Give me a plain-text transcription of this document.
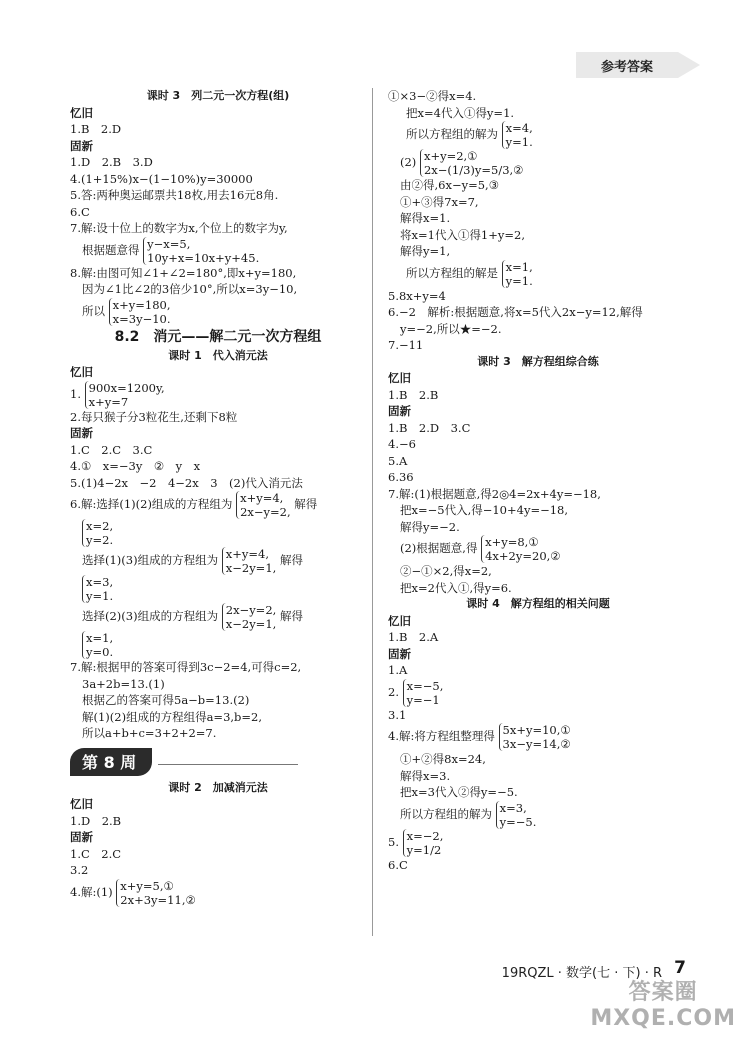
参考答案
课时 3　列二元一次方程(组)
忆旧
1.B　2.D
固新
1.D　2.B　3.D
4.(1+15%)x−(1−10%)y=30000
5.答:两种奥运邮票共18枚,用去16元8角.
6.C
7.解:设十位上的数字为x,个位上的数字为y,
根据题意得 y−x=5,
10y+x=10x+y+45.
8.解:由图可知∠1+∠2=180°,即x+y=180,
因为∠1比∠2的3倍少10°,所以x=3y−10,
所以 x+y=180,
x=3y−10.
8.2　消元——解二元一次方程组
课时 1　代入消元法
忆旧
1. 900x=1200y,
x+y=7
2.每只猴子分3粒花生,还剩下8粒
固新
1.C　2.C　3.C
4.①　x=−3y　②　y　x
5.(1)4−2x　−2　4−2x　3　(2)代入消元法
6.解:选择(1)(2)组成的方程组为 x+y=4,
2x−y=2,
解得
x=2,
y=2.
选择(1)(3)组成的方程组为 x+y=4,
x−2y=1,
解得
x=3,
y=1.
选择(2)(3)组成的方程组为 2x−y=2,
x−2y=1,
解得
x=1,
y=0.
7.解:根据甲的答案可得到3c−2=4,可得c=2,
3a+2b=13.(1)
根据乙的答案可得5a−b=13.(2)
解(1)(2)组成的方程组得a=3,b=2,
所以a+b+c=3+2+2=7.
第 8 周
课时 2　加减消元法
忆旧
1.D　2.B
固新
1.C　2.C
3.2
4.解:(1) x+y=5,①
2x+3y=11,②
①×3−②得x=4.
把x=4代入①得y=1.
所以方程组的解为 x=4,
y=1.
(2) x+y=2,①
2x−(1/3)y=5/3,②
由②得,6x−y=5,③
①+③得7x=7,
解得x=1.
将x=1代入①得1+y=2,
解得y=1,
所以方程组的解是 x=1,
y=1.
5.8x+y=4
6.−2　解析:根据题意,将x=5代入2x−y=12,解得
y=−2,所以★=−2.
7.−11
课时 3　解方程组综合练
忆旧
1.B　2.B
固新
1.B　2.D　3.C
4.−6
5.A
6.36
7.解:(1)根据题意,得2◎4=2x+4y=−18,
把x=−5代入,得−10+4y=−18,
解得y=−2.
(2)根据题意,得 x+y=8,①
4x+2y=20,②
②−①×2,得x=2,
把x=2代入①,得y=6.
课时 4　解方程组的相关问题
忆旧
1.B　2.A
固新
1.A
2. x=−5,
y=−1
3.1
4.解:将方程组整理得 5x+y=10,①
3x−y=14,②
①+②得8x=24,
解得x=3.
把x=3代入②得y=−5.
所以方程组的解为 x=3,
y=−5.
5. x=−2,
y=1/2
6.C
19RQZL · 数学(七 · 下) · R 7
答案圈
MXQE.COM
